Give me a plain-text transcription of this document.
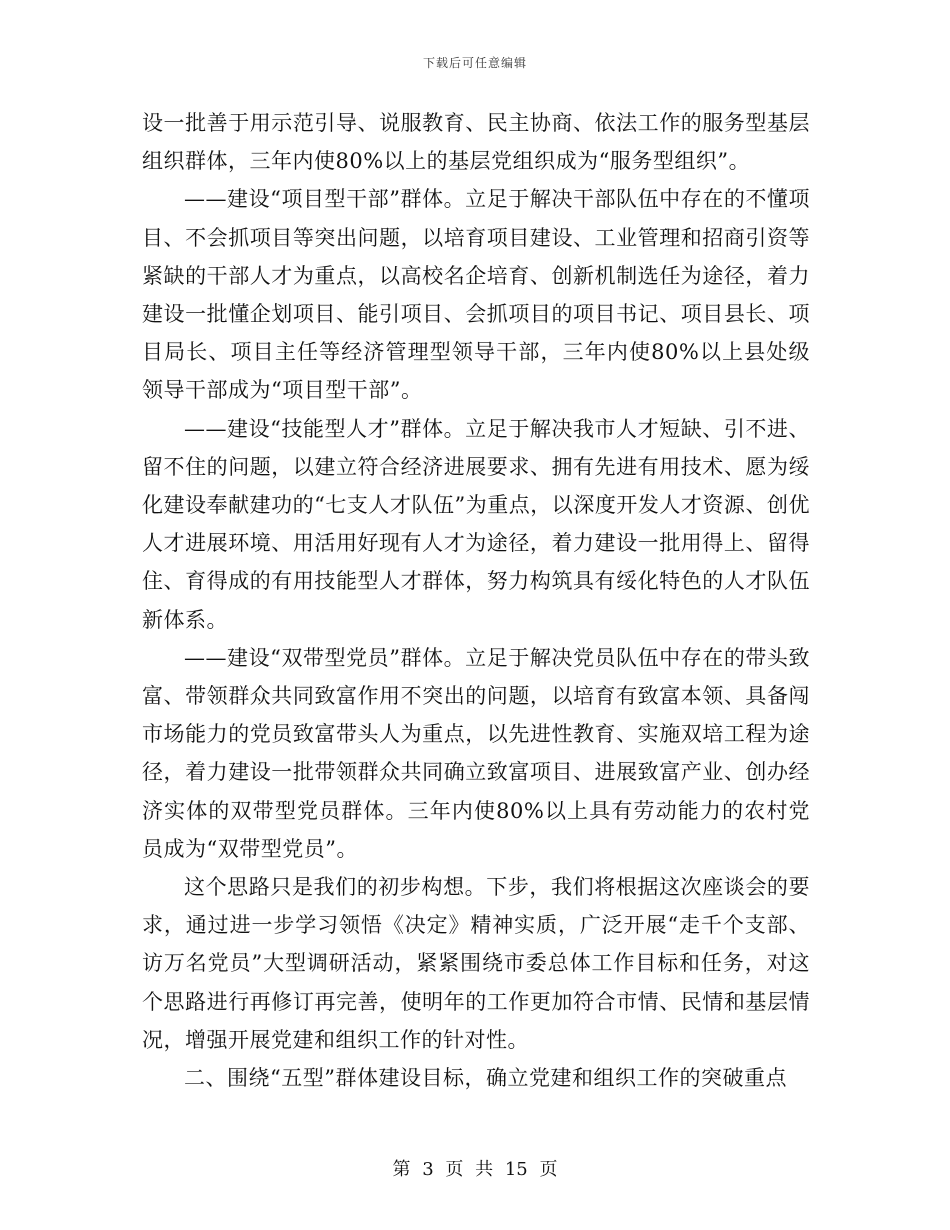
下载后可任意编辑

设一批善于用示范引导、说服教育、民主协商、依法工作的服务型基层组织群体，三年内使80%以上的基层党组织成为“服务型组织”。

——建设“项目型干部”群体。立足于解决干部队伍中存在的不懂项目、不会抓项目等突出问题，以培育项目建设、工业管理和招商引资等紧缺的干部人才为重点，以高校名企培育、创新机制选任为途径，着力建设一批懂企划项目、能引项目、会抓项目的项目书记、项目县长、项目局长、项目主任等经济管理型领导干部，三年内使80%以上县处级领导干部成为“项目型干部”。

——建设“技能型人才”群体。立足于解决我市人才短缺、引不进、留不住的问题，以建立符合经济进展要求、拥有先进有用技术、愿为绥化建设奉献建功的“七支人才队伍”为重点，以深度开发人才资源、创优人才进展环境、用活用好现有人才为途径，着力建设一批用得上、留得住、育得成的有用技能型人才群体，努力构筑具有绥化特色的人才队伍新体系。

——建设“双带型党员”群体。立足于解决党员队伍中存在的带头致富、带领群众共同致富作用不突出的问题，以培育有致富本领、具备闯市场能力的党员致富带头人为重点，以先进性教育、实施双培工程为途径，着力建设一批带领群众共同确立致富项目、进展致富产业、创办经济实体的双带型党员群体。三年内使80%以上具有劳动能力的农村党员成为“双带型党员”。

这个思路只是我们的初步构想。下步，我们将根据这次座谈会的要求，通过进一步学习领悟《决定》精神实质，广泛开展“走千个支部、访万名党员”大型调研活动，紧紧围绕市委总体工作目标和任务，对这个思路进行再修订再完善，使明年的工作更加符合市情、民情和基层情况，增强开展党建和组织工作的针对性。

二、围绕“五型”群体建设目标，确立党建和组织工作的突破重点

第 3 页 共 15 页
